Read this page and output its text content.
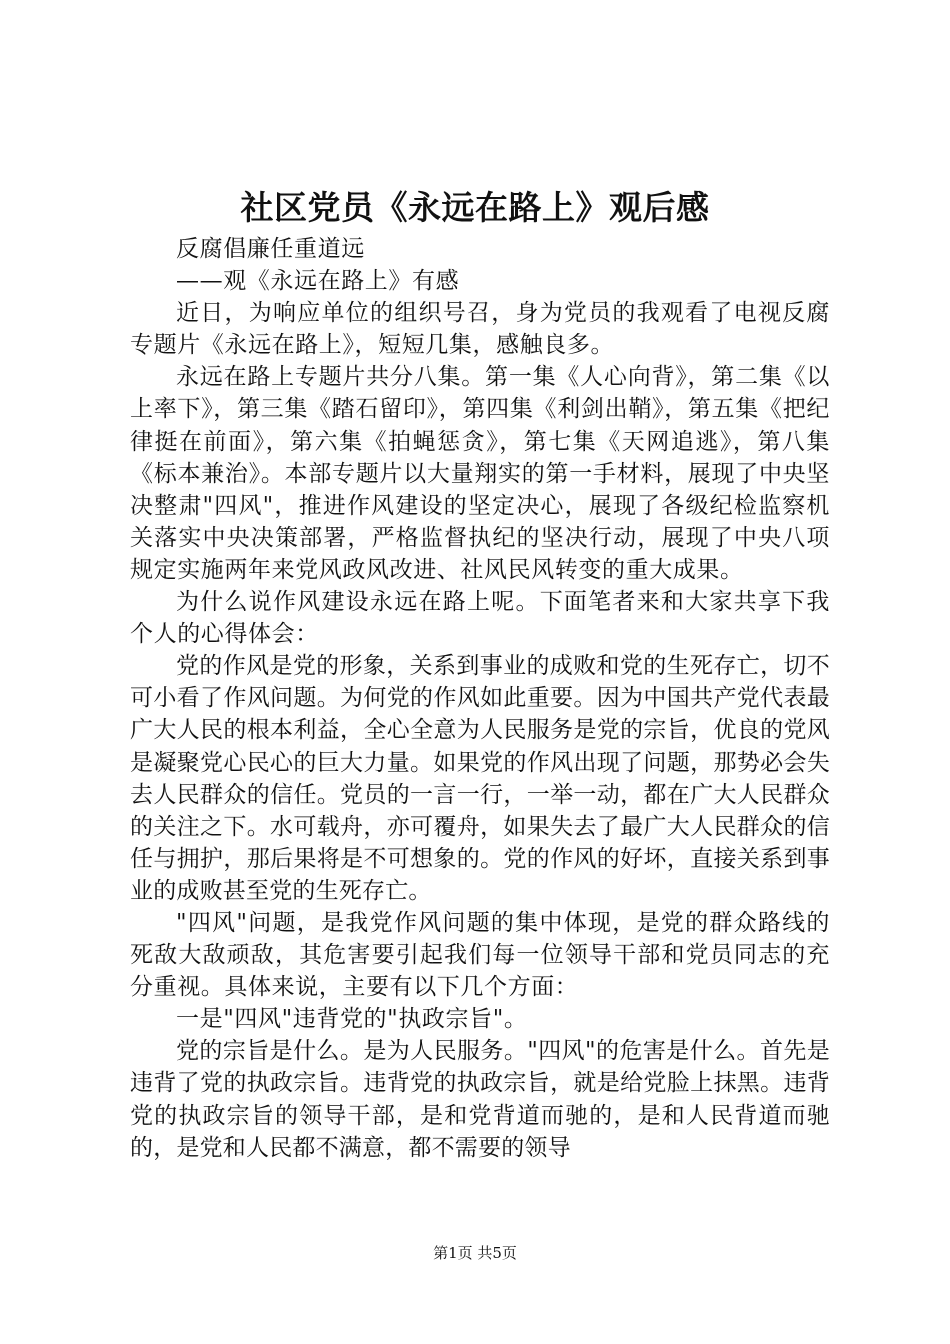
社区党员《永远在路上》观后感

反腐倡廉任重道远

——观《永远在路上》有感

近日，为响应单位的组织号召，身为党员的我观看了电视反腐专题片《永远在路上》，短短几集，感触良多。

永远在路上专题片共分八集。第一集《人心向背》，第二集《以上率下》，第三集《踏石留印》，第四集《利剑出鞘》，第五集《把纪律挺在前面》，第六集《拍蝇惩贪》，第七集《天网追逃》，第八集《标本兼治》。本部专题片以大量翔实的第一手材料，展现了中央坚决整肃"四风"，推进作风建设的坚定决心，展现了各级纪检监察机关落实中央决策部署，严格监督执纪的坚决行动，展现了中央八项规定实施两年来党风政风改进、社风民风转变的重大成果。

为什么说作风建设永远在路上呢。下面笔者来和大家共享下我个人的心得体会：

党的作风是党的形象，关系到事业的成败和党的生死存亡，切不可小看了作风问题。为何党的作风如此重要。因为中国共产党代表最广大人民的根本利益，全心全意为人民服务是党的宗旨，优良的党风是凝聚党心民心的巨大力量。如果党的作风出现了问题，那势必会失去人民群众的信任。党员的一言一行，一举一动，都在广大人民群众的关注之下。水可载舟，亦可覆舟，如果失去了最广大人民群众的信任与拥护，那后果将是不可想象的。党的作风的好坏，直接关系到事业的成败甚至党的生死存亡。

"四风"问题，是我党作风问题的集中体现，是党的群众路线的死敌大敌顽敌，其危害要引起我们每一位领导干部和党员同志的充分重视。具体来说，主要有以下几个方面：

一是"四风"违背党的"执政宗旨"。

党的宗旨是什么。是为人民服务。"四风"的危害是什么。首先是违背了党的执政宗旨。违背党的执政宗旨，就是给党脸上抹黑。违背党的执政宗旨的领导干部，是和党背道而驰的，是和人民背道而驰的，是党和人民都不满意，都不需要的领导

第1页 共5页
